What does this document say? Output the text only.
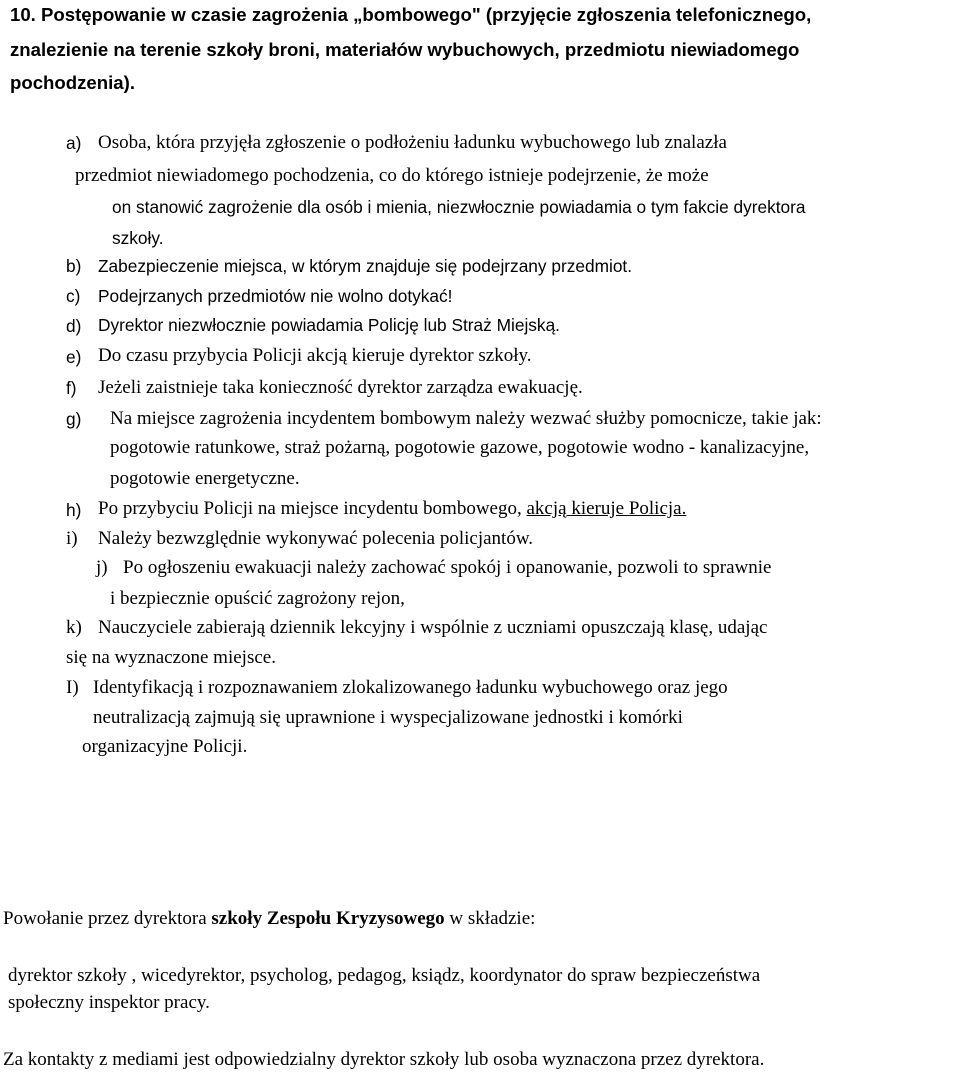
10. Postępowanie w czasie zagrożenia „bombowego" (przyjęcie zgłoszenia telefonicznego,
znalezienie na terenie szkoły broni, materiałów wybuchowych, przedmiotu niewiadomego
pochodzenia).
a) Osoba, która przyjęła zgłoszenie o podłożeniu ładunku wybuchowego lub znalazła
przedmiot niewiadomego pochodzenia, co do którego istnieje podejrzenie, że może
on stanowić zagrożenie dla osób i mienia, niezwłocznie powiadamia o tym fakcie dyrektora
szkoły.
b) Zabezpieczenie miejsca, w którym znajduje się podejrzany przedmiot.
c) Podejrzanych przedmiotów nie wolno dotykać!
d) Dyrektor niezwłocznie powiadamia Policję lub Straż Miejską.
e) Do czasu przybycia Policji akcją kieruje dyrektor szkoły.
f) Jeżeli zaistnieje taka konieczność dyrektor zarządza ewakuację.
g) Na miejsce zagrożenia incydentem bombowym należy wezwać służby pomocnicze, takie jak:
pogotowie ratunkowe, straż pożarną, pogotowie gazowe, pogotowie wodno - kanalizacyjne,
pogotowie energetyczne.
h) Po przybyciu Policji na miejsce incydentu bombowego, akcją kieruje Policja.
i) Należy bezwzględnie wykonywać polecenia policjantów.
j) Po ogłoszeniu ewakuacji należy zachować spokój i opanowanie, pozwoli to sprawnie
i bezpiecznie opuścić zagrożony rejon,
k) Nauczyciele zabierają dziennik lekcyjny i wspólnie z uczniami opuszczają klasę, udając
się na wyznaczone miejsce.
I) Identyfikacją i rozpoznawaniem zlokalizowanego ładunku wybuchowego oraz jego
neutralizacją zajmują się uprawnione i wyspecjalizowane jednostki i komórki
organizacyjne Policji.
Powołanie przez dyrektora szkoły Zespołu Kryzysowego w składzie:
dyrektor szkoły , wicedyrektor, psycholog, pedagog, ksiądz, koordynator do spraw bezpieczeństwa
społeczny inspektor pracy.
Za kontakty z mediami jest odpowiedzialny dyrektor szkoły lub osoba wyznaczona przez dyrektora.
